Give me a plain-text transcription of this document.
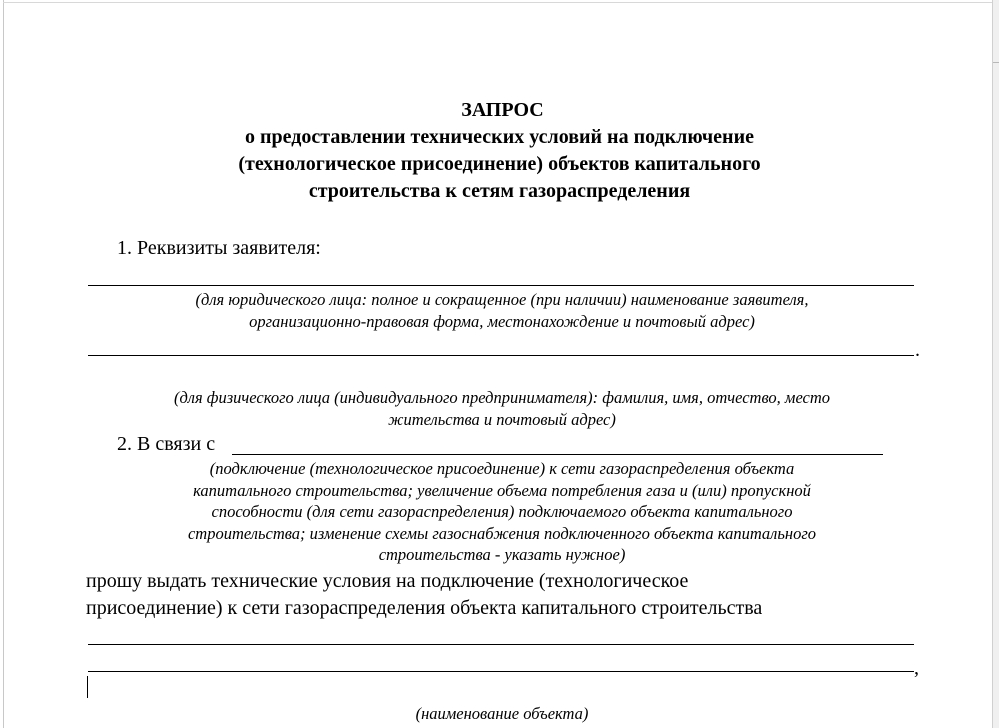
ЗАПРОС
о предоставлении технических условий на подключение
(технологическое присоединение) объектов капитального
строительства к сетям газораспределения
1. Реквизиты заявителя:
(для юридического лица: полное и сокращенное (при наличии) наименование заявителя,
организационно-правовая форма, местонахождение и почтовый адрес)
.
(для физического лица (индивидуального предпринимателя): фамилия, имя, отчество, место
жительства и почтовый адрес)
2. В связи с
(подключение (технологическое присоединение) к сети газораспределения объекта
капитального строительства; увеличение объема потребления газа и (или) пропускной
способности (для сети газораспределения) подключаемого объекта капитального
строительства; изменение схемы газоснабжения подключенного объекта капитального
строительства - указать нужное)
прошу выдать технические условия на подключение (технологическое
присоединение) к сети газораспределения объекта капитального строительства
,
(наименование объекта)
